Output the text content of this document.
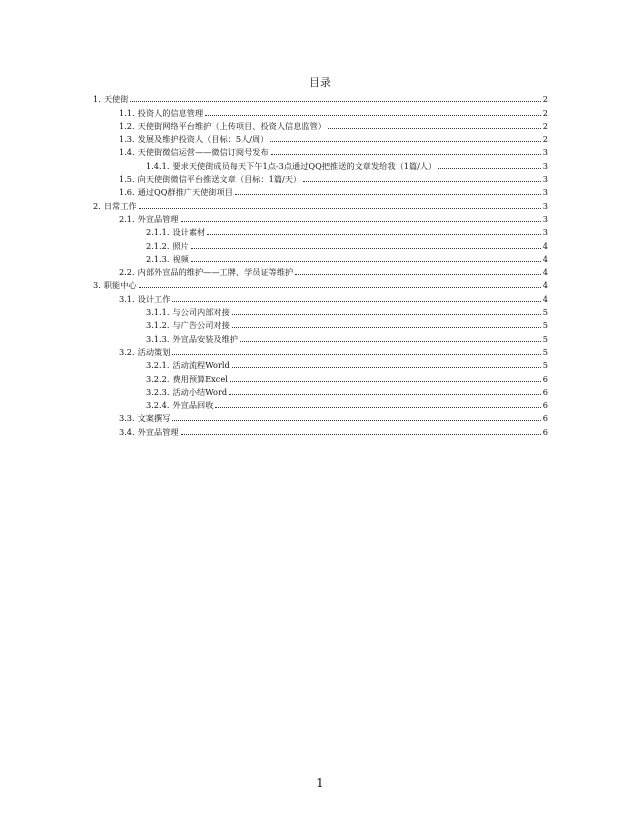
目录
1. 天使街	2
1.1. 投资人的信息管理	2
1.2. 天使街网络平台维护（上传项目、投资人信息监管）	2
1.3. 发展及维护投资人（目标：5人/周）	2
1.4. 天使街微信运营——微信订阅号发布	3
1.4.1. 要求天使街成员每天下午1点-3点通过QQ把推送的文章发给我（1篇/人）	3
1.5. 向天使街微信平台推送文章（目标：1篇/天）	3
1.6. 通过QQ群推广天使街项目	3
2. 日常工作	3
2.1. 外宣品管理	3
2.1.1. 设计素材	3
2.1.2. 照片	4
2.1.3. 视频	4
2.2. 内部外宣品的维护——工牌、学员证等维护	4
3. 职能中心	4
3.1. 设计工作	4
3.1.1. 与公司内部对接	5
3.1.2. 与广告公司对接	5
3.1.3. 外宣品安装及维护	5
3.2. 活动策划	5
3.2.1. 活动流程World	5
3.2.2. 费用预算Excel	6
3.2.3. 活动小结Word	6
3.2.4. 外宣品回收	6
3.3. 文案撰写	6
3.4. 外宣品管理	6
1
